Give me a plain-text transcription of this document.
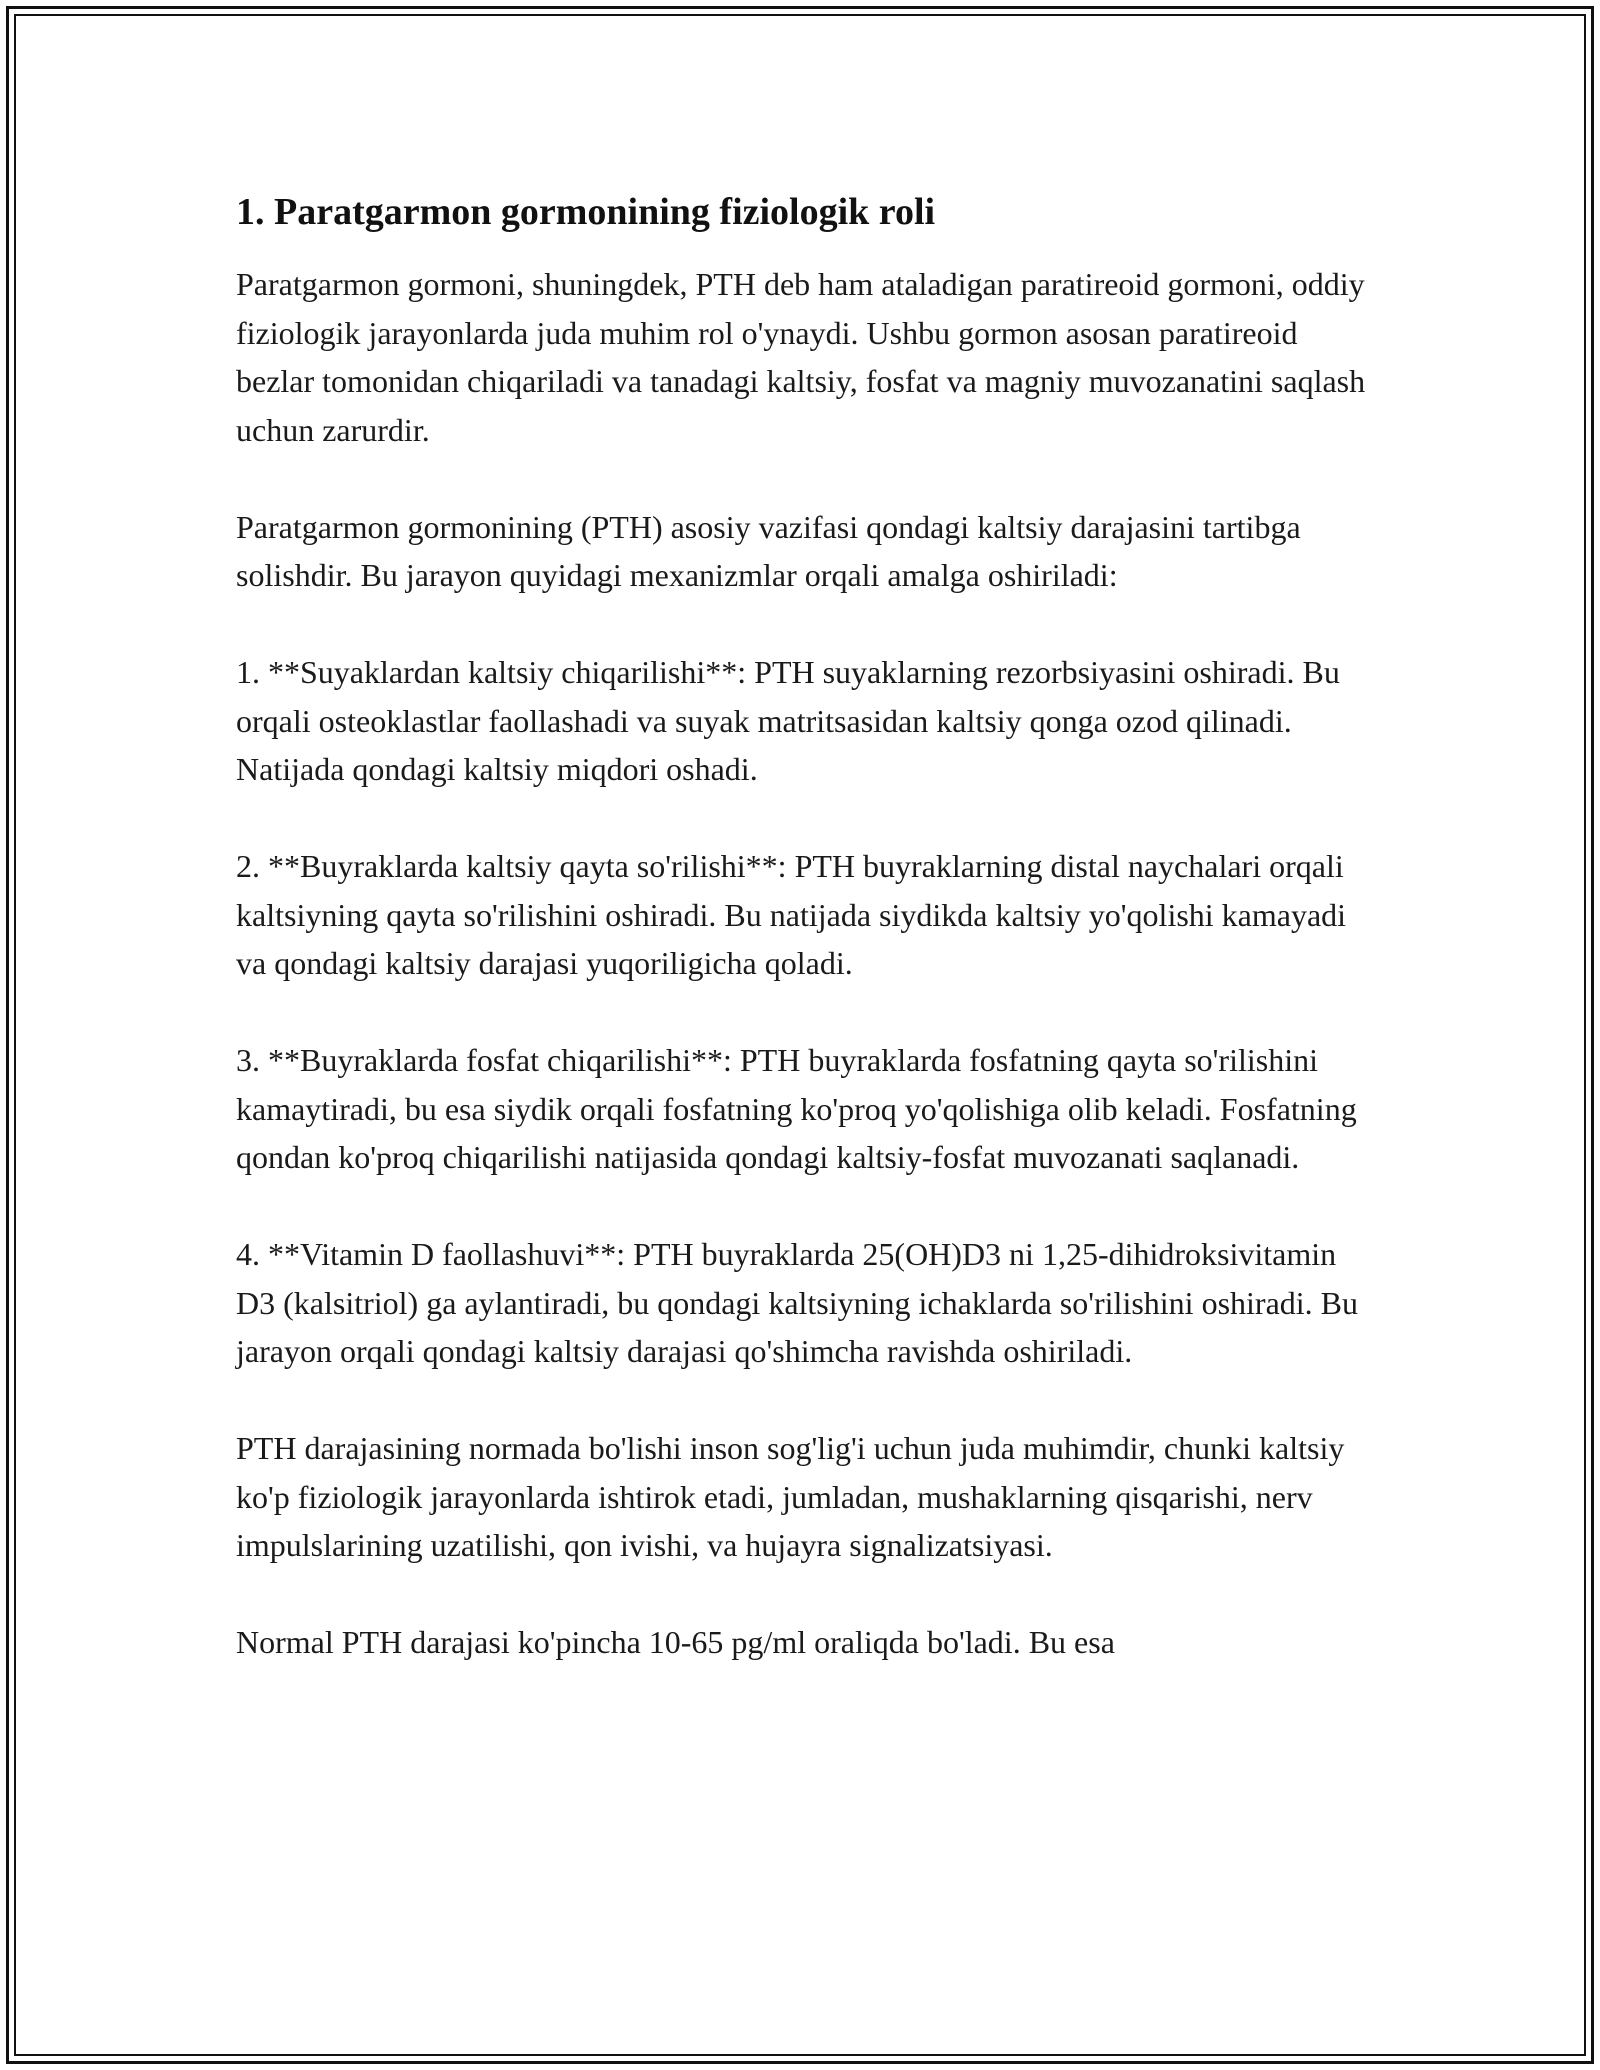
1. Paratgarmon gormonining fiziologik roli

Paratgarmon gormoni, shuningdek, PTH deb ham ataladigan paratireoid gormoni, oddiy fiziologik jarayonlarda juda muhim rol o'ynaydi. Ushbu gormon asosan paratireoid bezlar tomonidan chiqariladi va tanadagi kaltsiy, fosfat va magniy muvozanatini saqlash uchun zarurdir.

Paratgarmon gormonining (PTH) asosiy vazifasi qondagi kaltsiy darajasini tartibga solishdir. Bu jarayon quyidagi mexanizmlar orqali amalga oshiriladi:

1. **Suyaklardan kaltsiy chiqarilishi**: PTH suyaklarning rezorbsiyasini oshiradi. Bu orqali osteoklastlar faollashadi va suyak matritsasidan kaltsiy qonga ozod qilinadi. Natijada qondagi kaltsiy miqdori oshadi.

2. **Buyraklarda kaltsiy qayta so'rilishi**: PTH buyraklarning distal naychalari orqali kaltsiyning qayta so'rilishini oshiradi. Bu natijada siydikda kaltsiy yo'qolishi kamayadi va qondagi kaltsiy darajasi yuqoriligicha qoladi.

3. **Buyraklarda fosfat chiqarilishi**: PTH buyraklarda fosfatning qayta so'rilishini kamaytiradi, bu esa siydik orqali fosfatning ko'proq yo'qolishiga olib keladi. Fosfatning qondan ko'proq chiqarilishi natijasida qondagi kaltsiy-fosfat muvozanati saqlanadi.

4. **Vitamin D faollashuvi**: PTH buyraklarda 25(OH)D3 ni 1,25-dihidroksivitamin D3 (kalsitriol) ga aylantiradi, bu qondagi kaltsiyning ichaklarda so'rilishini oshiradi. Bu jarayon orqali qondagi kaltsiy darajasi qo'shimcha ravishda oshiriladi.

PTH darajasining normada bo'lishi inson sog'lig'i uchun juda muhimdir, chunki kaltsiy ko'p fiziologik jarayonlarda ishtirok etadi, jumladan, mushaklarning qisqarishi, nerv impulslarining uzatilishi, qon ivishi, va hujayra signalizatsiyasi.

Normal PTH darajasi ko'pincha 10-65 pg/ml oraliqda bo'ladi. Bu esa
